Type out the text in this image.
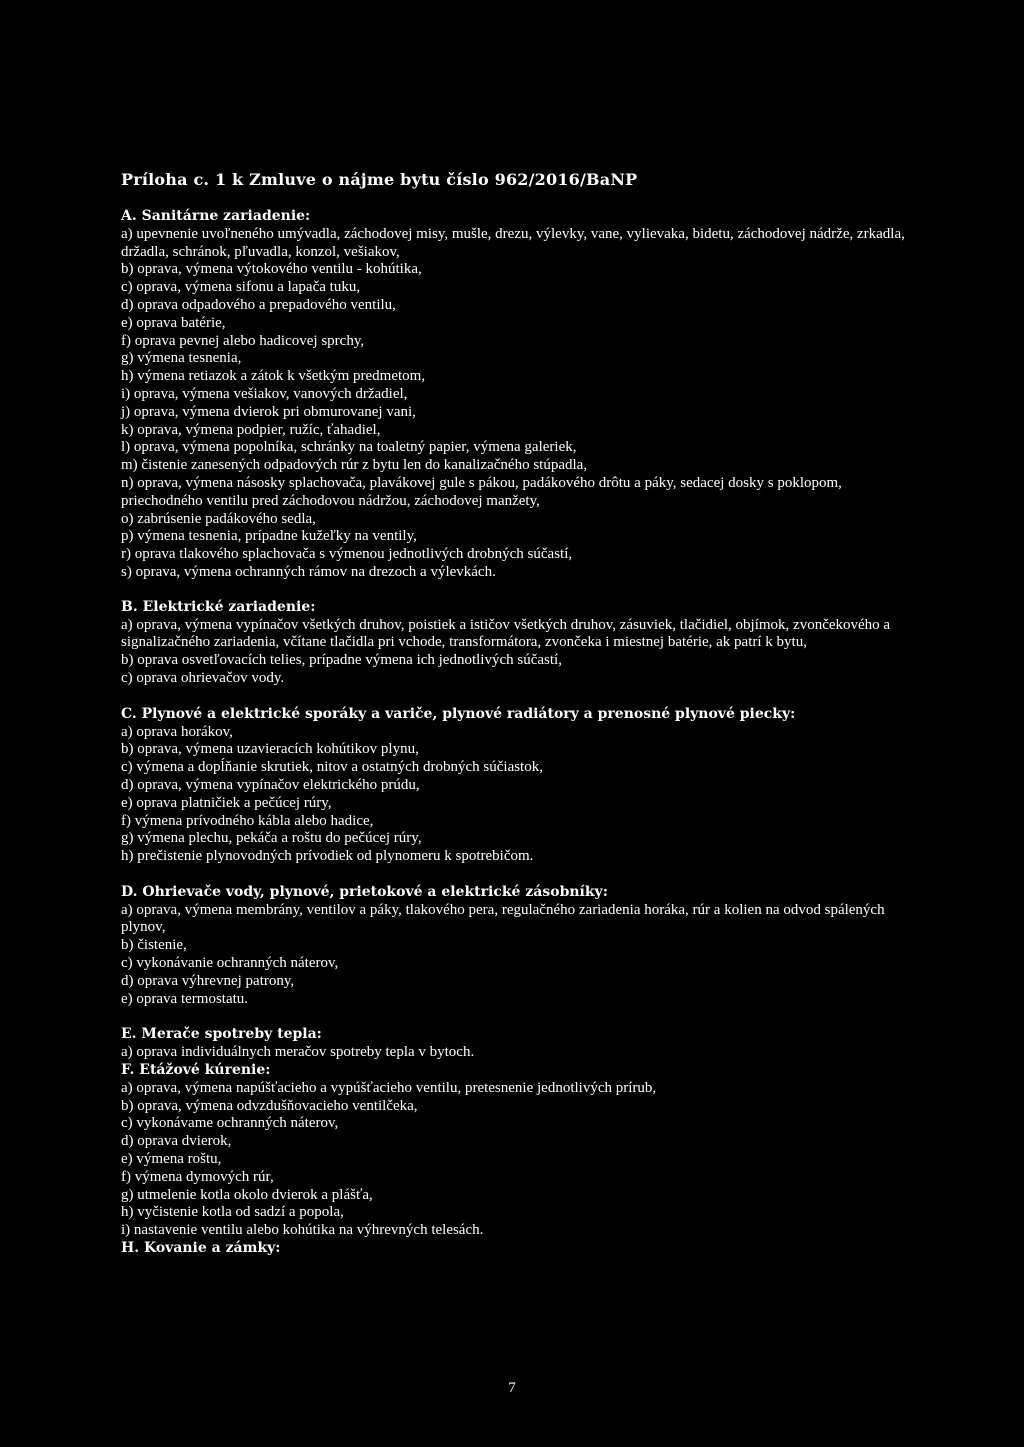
Príloha c. 1 k Zmluve o nájme bytu číslo 962/2016/BaNP
A. Sanitárne zariadenie:
a) upevnenie uvoľneného umývadla, záchodovej misy, mušle, drezu, výlevky, vane, vylievaka, bidetu, záchodovej nádrže, zrkadla, držadla, schránok, pľuvadla, konzol, vešiakov,
b) oprava, výmena výtokového ventilu - kohútika,
c) oprava, výmena sifonu a lapača tuku,
d) oprava odpadového a prepadového ventilu,
e) oprava batérie,
f) oprava pevnej alebo hadicovej sprchy,
g) výmena tesnenia,
h) výmena retiazok a zátok k všetkým predmetom,
i) oprava, výmena vešiakov, vanových držadiel,
j) oprava, výmena dvierok pri obmurovanej vani,
k) oprava, výmena podpier, ružíc, ťahadiel,
l) oprava, výmena popolníka, schránky na toaletný papier, výmena galeriek,
m) čistenie zanesených odpadových rúr z bytu len do kanalizačného stúpadla,
n) oprava, výmena násosky splachovača, plavákovej gule s pákou, padákového drôtu a páky, sedacej dosky s poklopom, priechodného ventilu pred záchodovou nádržou, záchodovej manžety,
o) zabrúsenie padákového sedla,
p) výmena tesnenia, prípadne kužeľky na ventily,
r) oprava tlakového splachovača s výmenou jednotlivých drobných súčastí,
s) oprava, výmena ochranných rámov na drezoch a výlevkách.
B. Elektrické zariadenie:
a) oprava, výmena vypínačov všetkých druhov, poistiek a ističov všetkých druhov, zásuviek, tlačidiel, objímok, zvončekového a signalizačného zariadenia, včítane tlačidla pri vchode, transformátora, zvončeka i miestnej batérie, ak patrí k bytu,
b) oprava osvetľovacích telies, prípadne výmena ich jednotlivých súčastí,
c) oprava ohrievačov vody.
C. Plynové a elektrické sporáky a variče, plynové radiátory a prenosné plynové piecky:
a) oprava horákov,
b) oprava, výmena uzavieracích kohútikov plynu,
c) výmena a dopĺňanie skrutiek, nitov a ostatných drobných súčiastok,
d) oprava, výmena vypínačov elektrického prúdu,
e) oprava platničiek a pečúcej rúry,
f) výmena prívodného kábla alebo hadice,
g) výmena plechu, pekáča a roštu do pečúcej rúry,
h) prečistenie plynovodných prívodiek od plynomeru k spotrebičom.
D. Ohrievače vody, plynové, prietokové a elektrické zásobníky:
a) oprava, výmena membrány, ventilov a páky, tlakového pera, regulačného zariadenia horáka, rúr a kolien na odvod spálených plynov,
b) čistenie,
c) vykonávanie ochranných náterov,
d) oprava výhrevnej patrony,
e) oprava termostatu.
E. Merače spotreby tepla:
a) oprava individuálnych meračov spotreby tepla v bytoch.
F. Etážové kúrenie:
a) oprava, výmena napúšťacieho a vypúšťacieho ventilu, pretesnenie jednotlivých prírub,
b) oprava, výmena odvzdušňovacieho ventilčeka,
c) vykonávame ochranných náterov,
d) oprava dvierok,
e) výmena roštu,
f) výmena dymových rúr,
g) utmelenie kotla okolo dvierok a plášťa,
h) vyčistenie kotla od sadzí a popola,
i) nastavenie ventilu alebo kohútika na výhrevných telesách.
H. Kovanie a zámky:
7
